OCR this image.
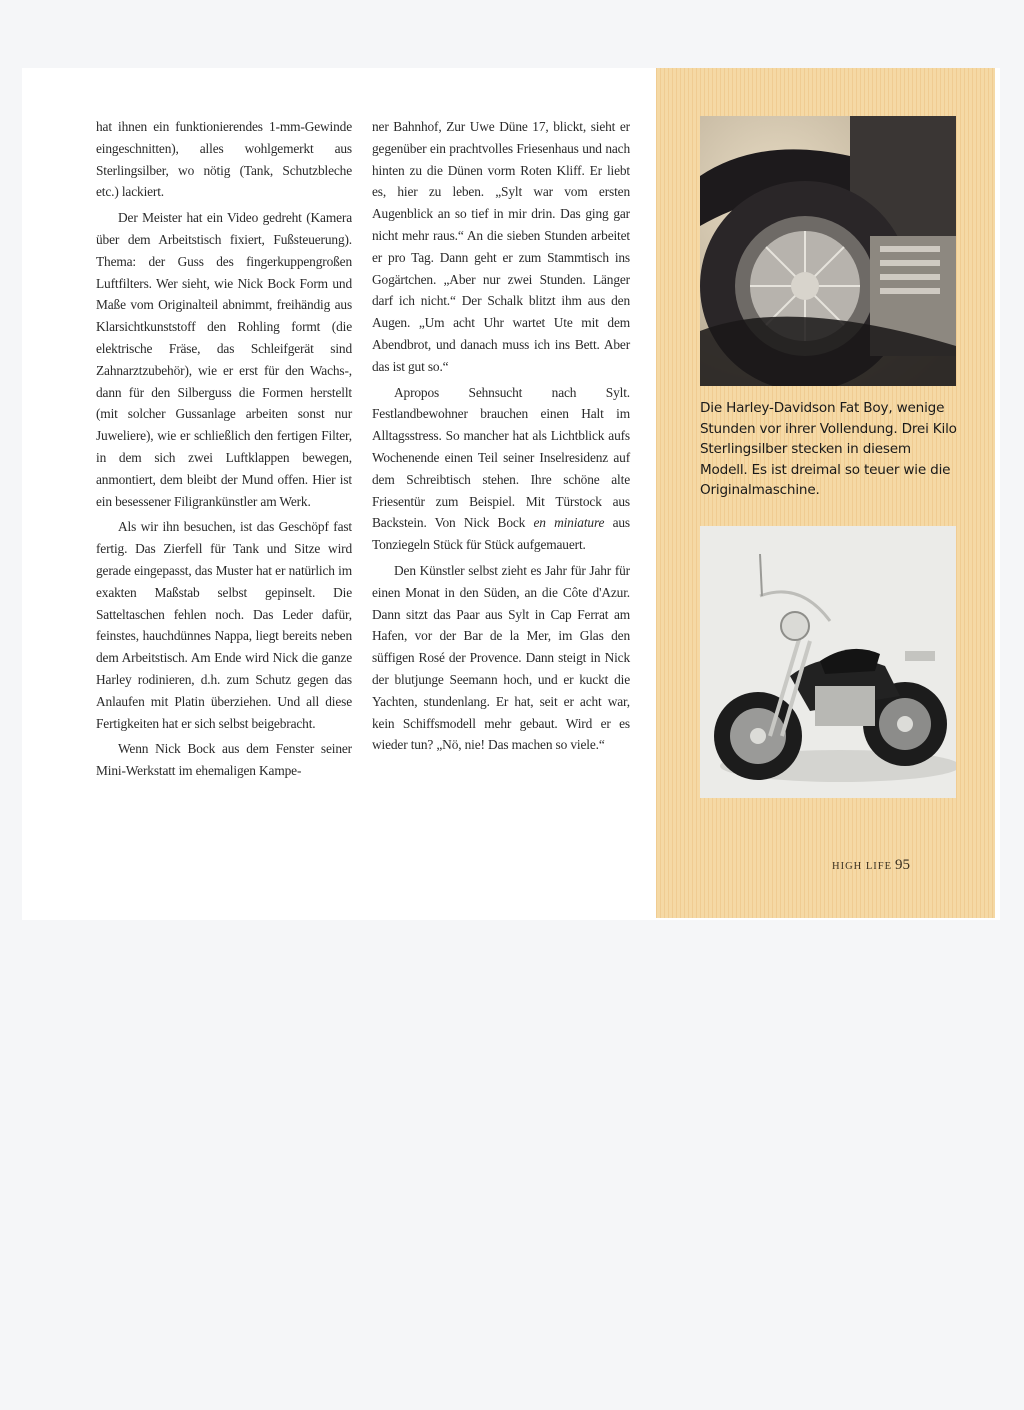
hat ihnen ein funktionierendes 1-mm-Gewinde eingeschnitten), alles wohlgemerkt aus Sterlingsilber, wo nötig (Tank, Schutzbleche etc.) lackiert.

Der Meister hat ein Video gedreht (Kamera über dem Arbeitstisch fixiert, Fußsteuerung). Thema: der Guss des fingerkuppengroßen Luftfilters. Wer sieht, wie Nick Bock Form und Maße vom Originalteil abnimmt, freihändig aus Klarsichtkunststoff den Rohling formt (die elektrische Fräse, das Schleifgerät sind Zahnarztzubehör), wie er erst für den Wachs-, dann für den Silberguss die Formen herstellt (mit solcher Gussanlage arbeiten sonst nur Juweliere), wie er schließlich den fertigen Filter, in dem sich zwei Luftklappen bewegen, anmontiert, dem bleibt der Mund offen. Hier ist ein besessener Filigrankünstler am Werk.

Als wir ihn besuchen, ist das Geschöpf fast fertig. Das Zierfell für Tank und Sitze wird gerade eingepasst, das Muster hat er natürlich im exakten Maßstab selbst gepinselt. Die Satteltaschen fehlen noch. Das Leder dafür, feinstes, hauchdünnes Nappa, liegt bereits neben dem Arbeitstisch. Am Ende wird Nick die ganze Harley rodinieren, d.h. zum Schutz gegen das Anlaufen mit Platin überziehen. Und all diese Fertigkeiten hat er sich selbst beigebracht.

Wenn Nick Bock aus dem Fenster seiner Mini-Werkstatt im ehemaligen Kampe-

ner Bahnhof, Zur Uwe Düne 17, blickt, sieht er gegenüber ein prachtvolles Friesenhaus und nach hinten zu die Dünen vorm Roten Kliff. Er liebt es, hier zu leben. „Sylt war vom ersten Augenblick an so tief in mir drin. Das ging gar nicht mehr raus.“ An die sieben Stunden arbeitet er pro Tag. Dann geht er zum Stammtisch ins Gogärtchen. „Aber nur zwei Stunden. Länger darf ich nicht.“ Der Schalk blitzt ihm aus den Augen. „Um acht Uhr wartet Ute mit dem Abendbrot, und danach muss ich ins Bett. Aber das ist gut so.“

Apropos Sehnsucht nach Sylt. Festlandbewohner brauchen einen Halt im Alltagsstress. So mancher hat als Lichtblick aufs Wochenende einen Teil seiner Inselresidenz auf dem Schreibtisch stehen. Ihre schöne alte Friesentür zum Beispiel. Mit Türstock aus Backstein. Von Nick Bock en miniature aus Tonziegeln Stück für Stück aufgemauert.

Den Künstler selbst zieht es Jahr für Jahr für einen Monat in den Süden, an die Côte d'Azur. Dann sitzt das Paar aus Sylt in Cap Ferrat am Hafen, vor der Bar de la Mer, im Glas den süffigen Rosé der Provence. Dann steigt in Nick der blutjunge Seemann hoch, und er kuckt die Yachten, stundenlang. Er hat, seit er acht war, kein Schiffsmodell mehr gebaut. Wird er es wieder tun? „Nö, nie! Das machen so viele.“

Die Harley-Davidson Fat Boy, wenige Stunden vor ihrer Vollendung. Drei Kilo Sterlingsilber stecken in diesem Modell. Es ist dreimal so teuer wie die Originalmaschine.
HIGH LIFE 95
